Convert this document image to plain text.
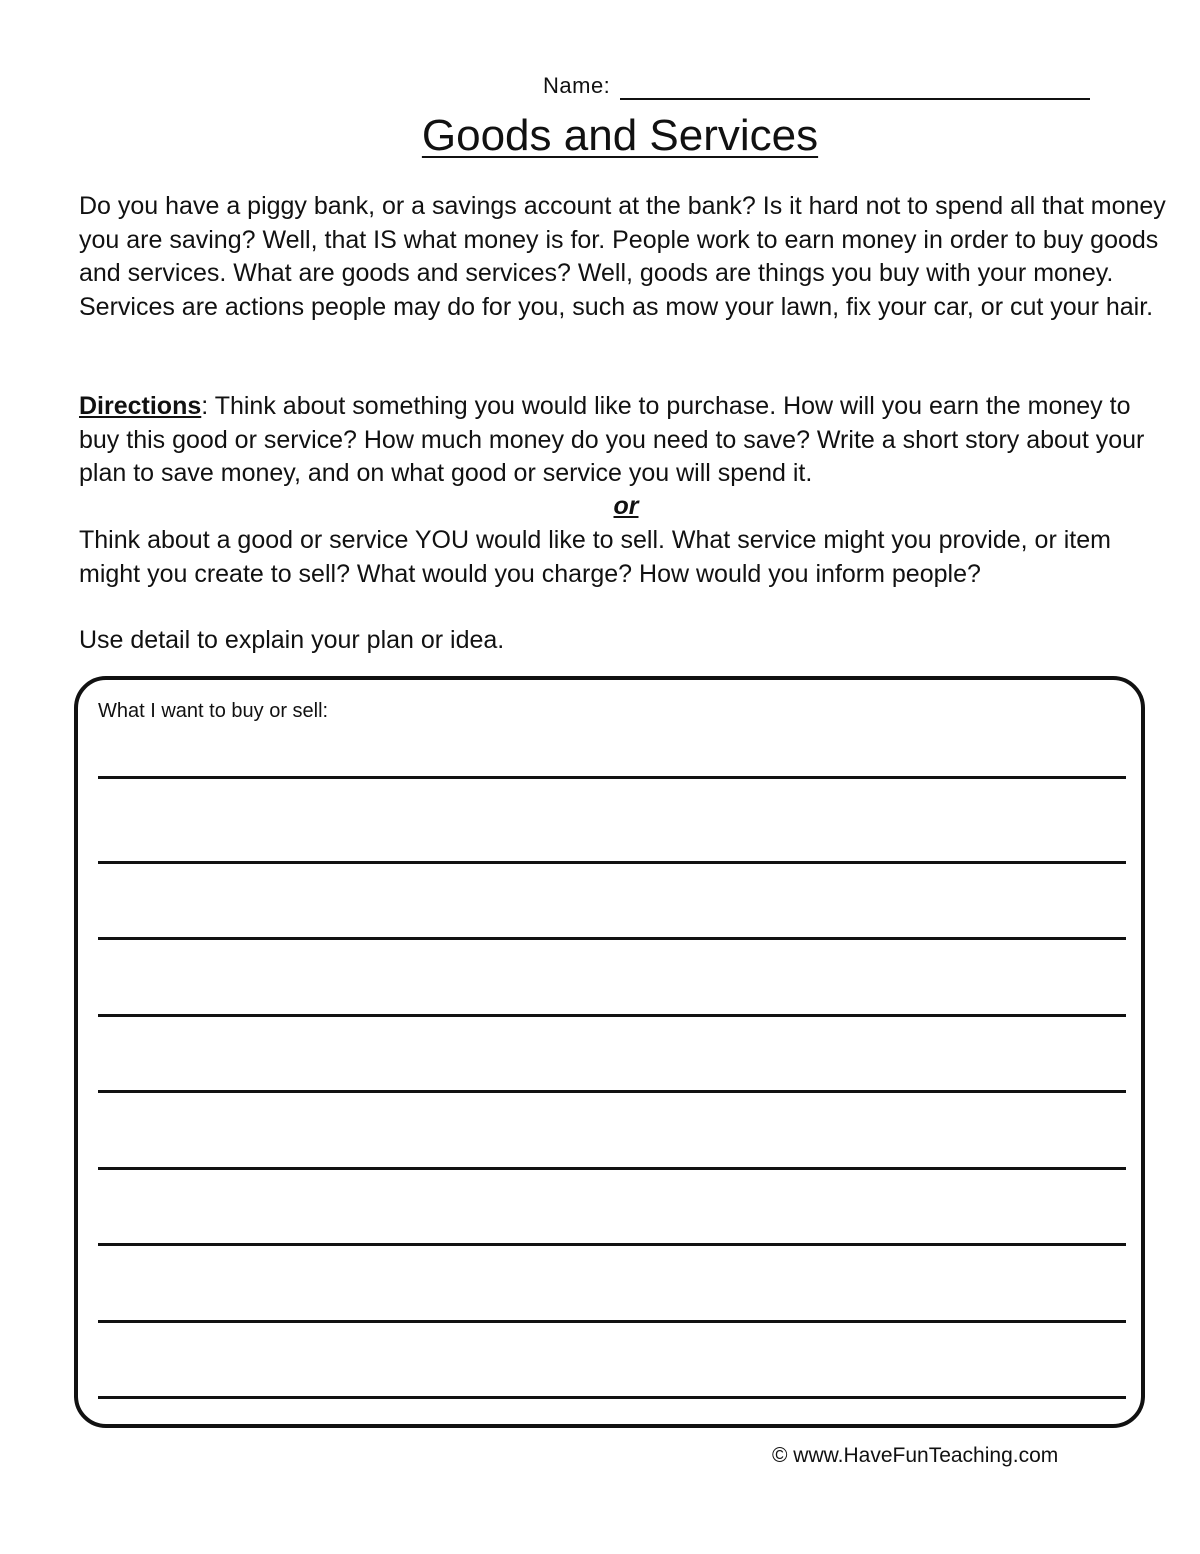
Name:
Goods and Services

Do you have a piggy bank, or a savings account at the bank? Is it hard not to spend all that money you are saving? Well, that IS what money is for. People work to earn money in order to buy goods and services. What are goods and services? Well, goods are things you buy with your money. Services are actions people may do for you, such as mow your lawn, fix your car, or cut your hair.

Directions: Think about something you would like to purchase. How will you earn the money to buy this good or service? How much money do you need to save? Write a short story about your plan to save money, and on what good or service you will spend it.

or

Think about a good or service YOU would like to sell. What service might you provide, or item might you create to sell? What would you charge? How would you inform people?

Use detail to explain your plan or idea.

What I want to buy or sell:
© www.HaveFunTeaching.com
